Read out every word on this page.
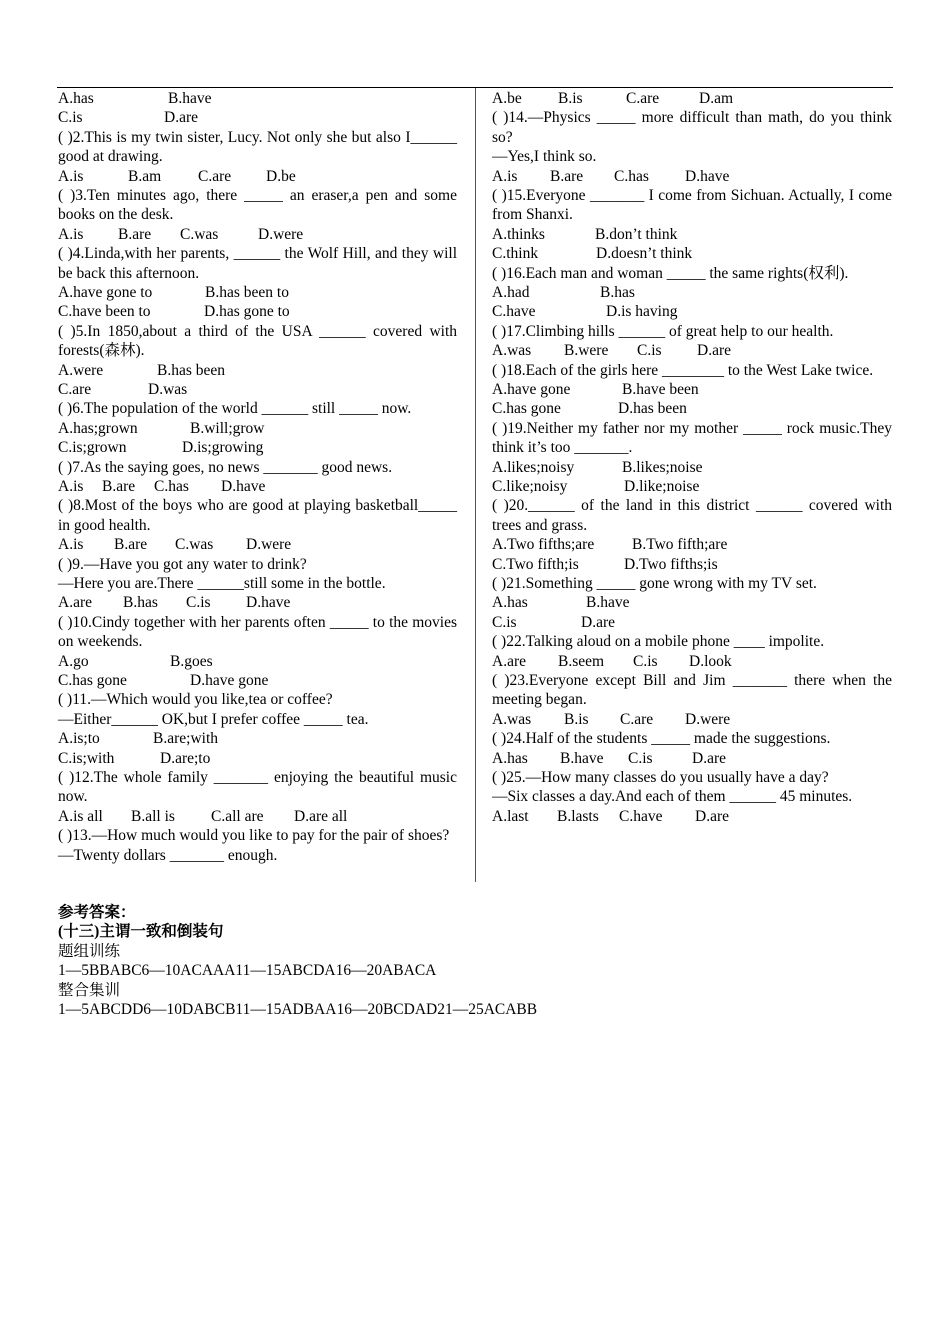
A.has	B.have
C.is	D.are
( )2.This is my twin sister, Lucy. Not only she but also I______ good at drawing.
A.is	B.am C.are D.be
( )3.Ten minutes ago, there _____ an eraser,a pen and some books on the desk.
A.is B.are C.was	D.were
( )4.Linda,with her parents, ______ the Wolf Hill, and they will be back this afternoon.
A.have gone to	B.has been to
C.have been to	D.has gone to
( )5.In 1850,about a third of the USA ______ covered with forests(森林).
A.were	B.has been
C.are	D.was
( )6.The population of the world ______ still _____ now.
A.has;grown	B.will;grow
C.is;grown	D.is;growing
( )7.As the saying goes, no news _______ good news.
A.is B.are C.has D.have
( )8.Most of the boys who are good at playing basketball_____ in good health.
A.is B.are C.was D.were
( )9.—Have you got any water to drink?
—Here you are.There ______still some in the bottle.
A.are B.has C.is D.have
( )10.Cindy together with her parents often _____ to the movies on weekends.
A.go	B.goes
C.has gone	D.have gone
( )11.—Which would you like,tea or coffee?
—Either______ OK,but I prefer coffee _____ tea.
A.is;to	B.are;with
C.is;with	D.are;to
( )12.The whole family _______ enjoying the beautiful music now.
A.is all B.all is C.all are D.are all
( )13.—How much would you like to pay for the pair of shoes?
—Twenty dollars _______ enough.
A.be B.is	C.are	D.am
( )14.—Physics _____ more difficult than math, do you think so?
—Yes,I think so.
A.is B.are C.has D.have
( )15.Everyone _______ I come from Sichuan. Actually, I come from Shanxi.
A.thinks	B.don’t think
C.think	D.doesn’t think
( )16.Each man and woman _____ the same rights(权利).
A.had	B.has
C.have	D.is having
( )17.Climbing hills ______ of great help to our health.
A.was B.were C.is D.are
( )18.Each of the girls here ________ to the West Lake twice.
A.have gone	B.have been
C.has gone	D.has been
( )19.Neither my father nor my mother _____ rock music.They think it’s too _______.
A.likes;noisy	B.likes;noise
C.like;noisy	D.like;noise
( )20.______ of the land in this district ______ covered with trees and grass.
A.Two fifths;are B.Two fifth;are
C.Two fifth;is	D.Two fifths;is
( )21.Something _____ gone wrong with my TV set.
A.has	B.have
C.is	D.are
( )22.Talking aloud on a mobile phone ____ impolite.
A.are B.seem C.is D.look
( )23.Everyone except Bill and Jim _______ there when the meeting began.
A.was B.is C.are D.were
( )24.Half of the students _____ made the suggestions.
A.has B.have C.is	D.are
( )25.—How many classes do you usually have a day?
—Six classes a day.And each of them ______ 45 minutes.
A.last B.lasts C.have D.are
参考答案：
(十三)主谓一致和倒装句
题组训练
1—5BBABC6—10ACAAA11—15ABCDA16—20ABACA
整合集训
1—5ABCDD6—10DABCB11—15ADBAA16—20BCDAD21—25ACABB
